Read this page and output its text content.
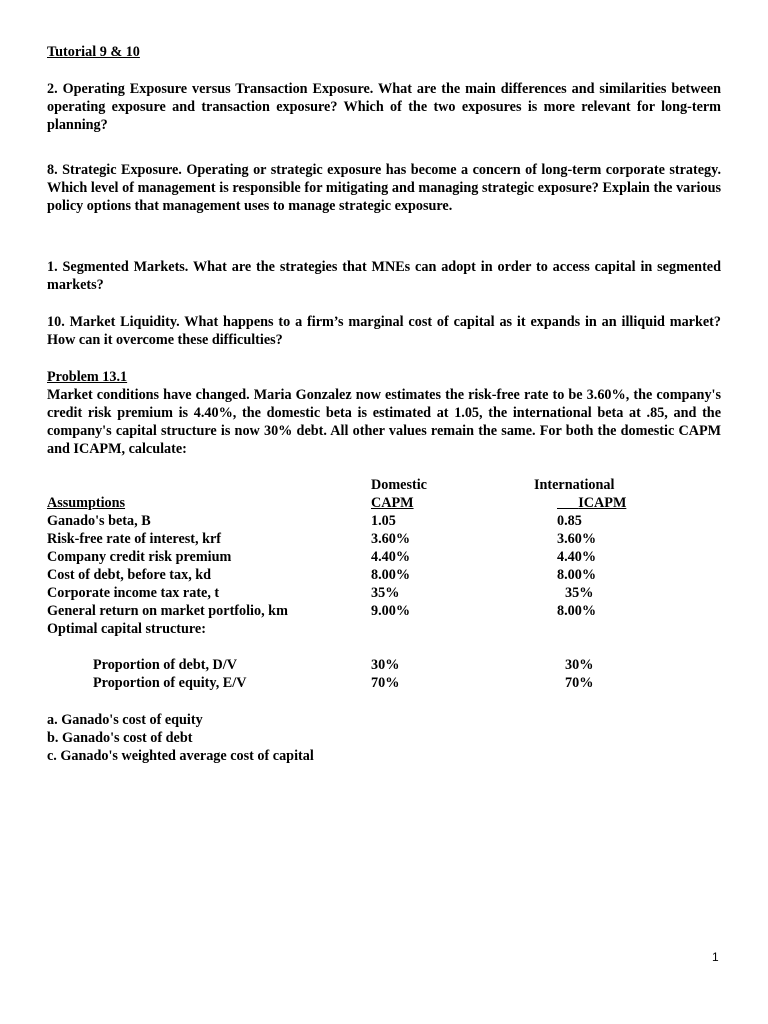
Tutorial 9 & 10

2. Operating Exposure versus Transaction Exposure. What are the main differences and similarities between operating exposure and transaction exposure? Which of the two exposures is more relevant for long-term planning?

8. Strategic Exposure. Operating or strategic exposure has become a concern of long-term corporate strategy. Which level of management is responsible for mitigating and managing strategic exposure? Explain the various policy options that management uses to manage strategic exposure.

1. Segmented Markets. What are the strategies that MNEs can adopt in order to access capital in segmented markets?

10. Market Liquidity. What happens to a firm’s marginal cost of capital as it expands in an illiquid market? How can it overcome these difficulties?

Problem 13.1

Market conditions have changed. Maria Gonzalez now estimates the risk-free rate to be 3.60%, the company's credit risk premium is 4.40%, the domestic beta is estimated at 1.05, the international beta at .85, and the company's capital structure is now 30% debt. All other values remain the same. For both the domestic CAPM and ICAPM, calculate:

Domestic	International
Assumptions	CAPM	ICAPM
Ganado's beta, B	1.05	0.85
Risk-free rate of interest, krf	3.60%	3.60%
Company credit risk premium	4.40%	4.40%
Cost of debt, before tax, kd	8.00%	8.00%
Corporate income tax rate, t	35%	35%
General return on market portfolio, km	9.00%	8.00%
Optimal capital structure:
Proportion of debt, D/V	30%	30%
Proportion of equity, E/V	70%	70%
a. Ganado's cost of equity
b. Ganado's cost of debt
c. Ganado's weighted average cost of capital
1
